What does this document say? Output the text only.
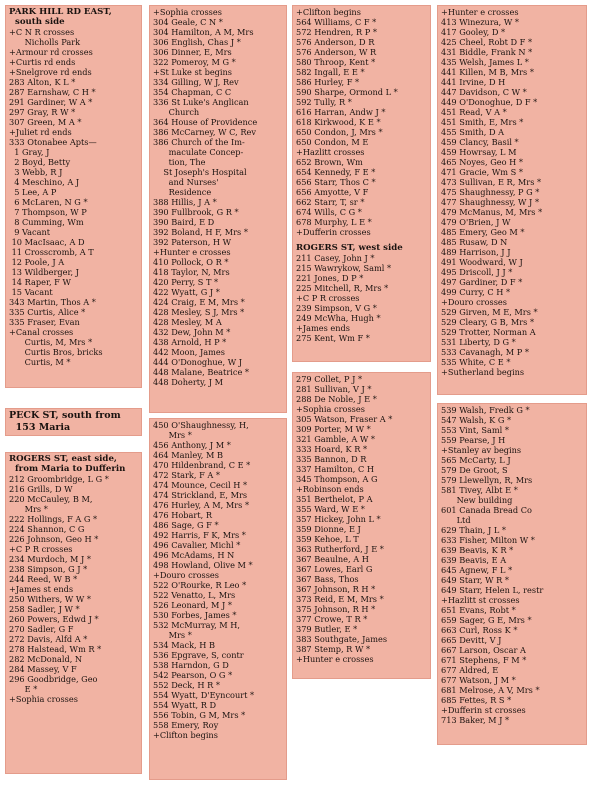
PARK HILL RD EAST,
south side
+C N R crosses
Nicholls Park
+Armour rd crosses
+Curtis rd ends
+Snelgrove rd ends
283 Alton, K L *
287 Earnshaw, C H *
291 Gardiner, W A *
297 Gray, R W *
307 Green, M A *
+Juliet rd ends
333 Otonabee Apts—
1 Gray, J
2 Boyd, Betty
3 Webb, R J
4 Meschino, A J
5 Lee, A P
6 McLaren, N G *
7 Thompson, W P
8 Cumming, Wm
9 Vacant
10 MacIsaac, A D
11 Crosscromb, A T
12 Poole, J A
13 Wildberger, J
14 Raper, F W
15 Vacant
343 Martin, Thos A *
335 Curtis, Alice *
335 Fraser, Evan
+Canal crosses
Curtis, M, Mrs *
Curtis Bros, bricks
Curtis, M *
PECK ST, south from
153 Maria
ROGERS ST, east side,
from Maria to Dufferin
212 Groombridge, L G *
216 Grills, D W
220 McCauley, B M,
Mrs *
222 Hollings, F A G *
224 Shannon, C G
226 Johnson, Geo H *
+C P R crosses
234 Murdoch, M J *
238 Simpson, G J *
244 Reed, W B *
+James st ends
250 Withers, W W *
258 Sadler, J W *
260 Powers, Edwd J *
270 Sadler, G F
272 Davis, Alfd A *
278 Halstead, Wm R *
282 McDonald, N
284 Massey, V F
296 Goodbridge, Geo
E *
+Sophia crosses
+Sophia crosses
304 Geale, C N *
304 Hamilton, A M, Mrs
306 English, Chas J *
306 Dinner, E, Mrs
322 Pomeroy, M G *
+St Luke st begins
334 Gilling, W J, Rev
354 Chapman, C C
336 St Luke's Anglican
Church
364 House of Providence
386 McCarney, W C, Rev
386 Church of the Im-
maculate Concep-
tion, The
St Joseph's Hospital
and Nurses'
Residence
388 Hillis, J A *
390 Fullbrook, G R *
390 Baird, E D
392 Boland, H F, Mrs *
392 Paterson, H W
+Hunter e crosses
410 Pollock, O R *
418 Taylor, N, Mrs
420 Perry, S T *
422 Wyatt, G J *
424 Craig, E M, Mrs *
428 Mesley, S J, Mrs *
428 Mesley, M A
432 Dew, John M *
438 Arnold, H P *
442 Moon, James
444 O'Donoghue, W J
448 Malane, Beatrice *
448 Doherty, J M
450 O'Shaughnessy, H,
Mrs *
456 Anthony, J M *
464 Manley, M B
470 Hildenbrand, C E *
472 Stark, F A *
474 Mounce, Cecil H *
474 Strickland, E, Mrs
476 Hurley, A M, Mrs *
476 Hobart, R
486 Sage, G F *
492 Harris, F K, Mrs *
496 Cavalier, Michl *
496 McAdams, H N
498 Howland, Olive M *
+Douro crosses
522 O'Rourke, R Leo *
522 Venatto, L, Mrs
526 Leonard, M J *
530 Forbes, James *
532 McMurray, M H,
Mrs *
534 Mack, H B
536 Epgrave, S, contr
538 Harndon, G D
542 Pearson, O G *
552 Deck, H R *
554 Wyatt, D'Eyncourt *
554 Wyatt, R D
556 Tobin, G M, Mrs *
558 Emery, Roy
+Clifton begins
+Clifton begins
564 Williams, C F *
572 Hendren, R P *
576 Anderson, D R
576 Anderson, W R
580 Throop, Kent *
582 Ingall, E E *
586 Hurley, F *
590 Sharpe, Ormond L *
592 Tully, R *
616 Harran, Andw J *
618 Kirkwood, K E *
650 Condon, J, Mrs *
650 Condon, M E
+Hazlitt crosses
652 Brown, Wm
654 Kennedy, F E *
656 Starr, Thos C *
656 Amyotte, V F
662 Starr, T, sr *
674 Wills, C G *
678 Murphy, L E *
+Dufferin crosses
ROGERS ST, west side
211 Casey, John J *
215 Wawrykow, Saml *
221 Jones, D P *
225 Mitchell, R, Mrs *
+C P R crosses
239 Simpson, V G *
249 McWha, Hugh *
+James ends
275 Kent, Wm F *
279 Collet, P J *
281 Sullivan, V J *
288 De Noble, J E *
+Sophia crosses
305 Watson, Fraser A *
309 Porter, M W *
321 Gamble, A W *
333 Hoard, K R *
335 Bannon, D R
337 Hamilton, C H
345 Thompson, A G
+Robinson ends
351 Berthelot, P A
355 Ward, W E *
357 Hickey, John L *
359 Dionne, E J
359 Kehoe, L T
363 Rutherford, J E *
367 Beaulne, A H
367 Lowes, Earl G
367 Bass, Thos
367 Johnson, R H *
373 Reid, E M, Mrs *
375 Johnson, R H *
377 Crowe, T R *
379 Butler, E *
383 Southgate, James
387 Stemp, R W *
+Hunter e crosses
+Hunter e crosses
413 Winezura, W *
417 Gooley, D *
425 Cheel, Robt D F *
431 Biddle, Frank N *
435 Welsh, James L *
441 Killen, M B, Mrs *
441 Irvine, D H
447 Davidson, C W *
449 O'Donoghue, D F *
451 Read, V A *
451 Smith, E, Mrs *
455 Smith, D A
459 Clancy, Basil *
459 Howrsay, L M
465 Noyes, Geo H *
471 Gracie, Wm S *
473 Sullivan, E R, Mrs *
475 Shaughnessy, P G *
477 Shaughnessy, W J *
479 McManus, M, Mrs *
479 O'Brien, J W
485 Emery, Geo M *
485 Rusaw, D N
489 Harrison, J J
491 Woodward, W J
495 Driscoll, J J *
497 Gardiner, D F *
499 Curry, C H *
+Douro crosses
529 Girven, M E, Mrs *
529 Cleary, G B, Mrs *
529 Trotter, Norman A
531 Liberty, D G *
533 Cavanagh, M P *
535 White, C E *
+Sutherland begins
539 Walsh, Fredk G *
547 Walsh, K G *
553 Vint, Saml *
559 Pearse, J H
+Stanley av begins
565 McCarty, L J
579 De Groot, S
579 Llewellyn, R, Mrs
581 Tivey, Albt E *
New building
601 Canada Bread Co
Ltd
629 Thain, J L *
633 Fisher, Milton W *
639 Beavis, K R *
639 Beavis, E A
645 Agnew, F L *
649 Starr, W R *
649 Starr, Helen L, restr
+Hazlitt st crosses
651 Evans, Robt *
659 Sager, G E, Mrs *
663 Curl, Ross K *
665 Devitt, V J
667 Larson, Oscar A
671 Stephens, F M *
677 Aldred, E
677 Watson, J M *
681 Melrose, A V, Mrs *
685 Fettes, R S *
+Dufferin st crosses
713 Baker, M J *
